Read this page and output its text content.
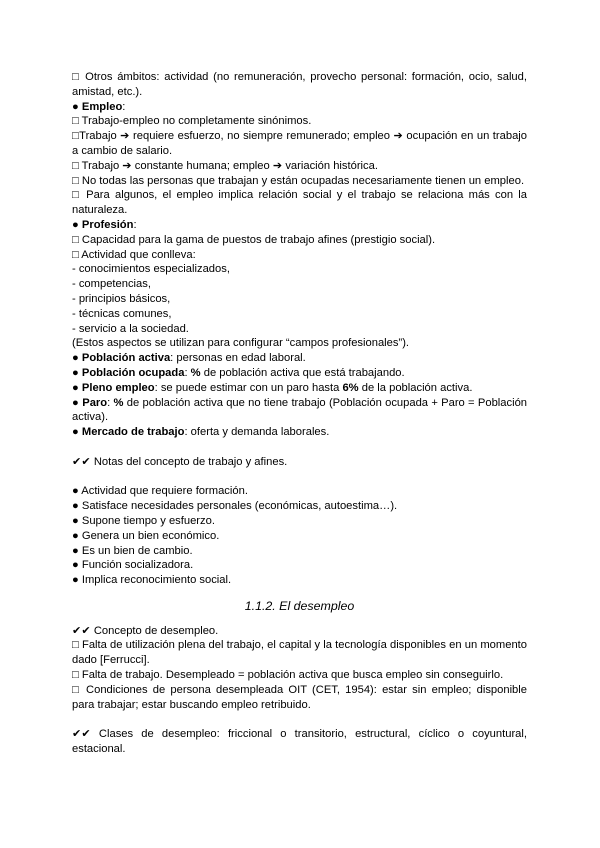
□ Otros ámbitos: actividad (no remuneración, provecho personal: formación, ocio, salud, amistad, etc.).

● Empleo:

□ Trabajo-empleo no completamente sinónimos.

□Trabajo ➔ requiere esfuerzo, no siempre remunerado; empleo ➔ ocupación en un trabajo a cambio de salario.

□ Trabajo ➔ constante humana; empleo ➔ variación histórica.

□ No todas las personas que trabajan y están ocupadas necesariamente tienen un empleo.

□ Para algunos, el empleo implica relación social y el trabajo se relaciona más con la naturaleza.

● Profesión:

□ Capacidad para la gama de puestos de trabajo afines (prestigio social).

□ Actividad que conlleva:

- conocimientos especializados,

- competencias,

- principios básicos,

- técnicas comunes,

- servicio a la sociedad.

(Estos aspectos se utilizan para configurar “campos profesionales”).

● Población activa: personas en edad laboral.

● Población ocupada: % de población activa que está trabajando.

● Pleno empleo: se puede estimar con un paro hasta 6% de la población activa.

● Paro: % de población activa que no tiene trabajo (Población ocupada + Paro = Población activa).

● Mercado de trabajo: oferta y demanda laborales.

✔✔ Notas del concepto de trabajo y afines.

● Actividad que requiere formación.

● Satisface necesidades personales (económicas, autoestima…).

● Supone tiempo y esfuerzo.

● Genera un bien económico.

● Es un bien de cambio.

● Función socializadora.

● Implica reconocimiento social.

1.1.2. El desempleo

✔✔ Concepto de desempleo.

□ Falta de utilización plena del trabajo, el capital y la tecnología disponibles en un momento dado [Ferrucci].

□ Falta de trabajo. Desempleado = población activa que busca empleo sin conseguirlo.

□ Condiciones de persona desempleada OIT (CET, 1954): estar sin empleo; disponible para trabajar; estar buscando empleo retribuido.

✔✔ Clases de desempleo: friccional o transitorio, estructural, cíclico o coyuntural, estacional.
